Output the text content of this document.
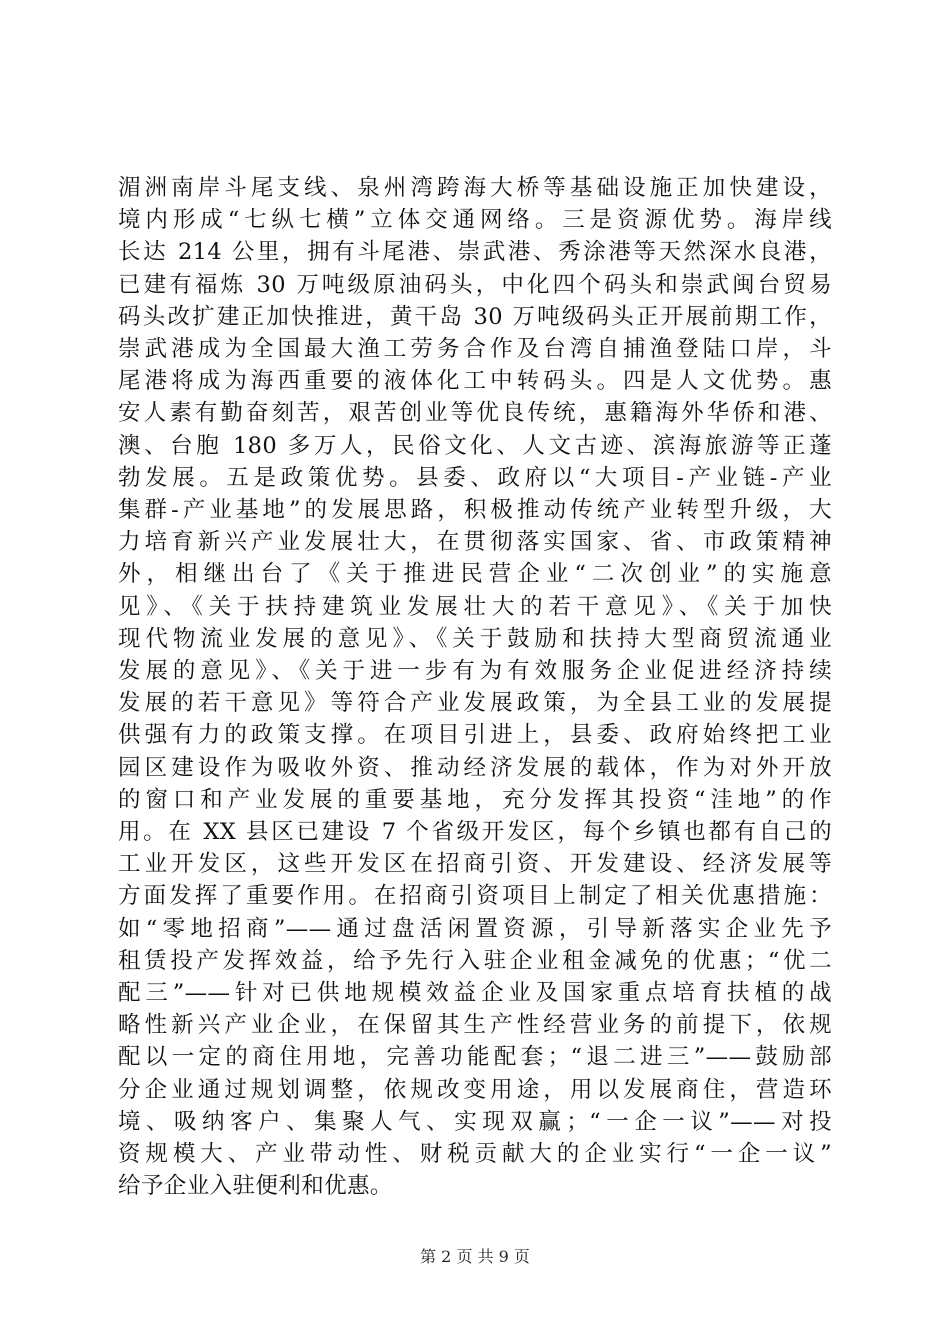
湄洲南岸斗尾支线、泉州湾跨海大桥等基础设施正加快建设，
境内形成“七纵七横”立体交通网络。三是资源优势。海岸线
长达 214 公里，拥有斗尾港、崇武港、秀涂港等天然深水良港，
已建有福炼 30 万吨级原油码头，中化四个码头和崇武闽台贸易
码头改扩建正加快推进，黄干岛 30 万吨级码头正开展前期工作，
崇武港成为全国最大渔工劳务合作及台湾自捕渔登陆口岸，斗
尾港将成为海西重要的液体化工中转码头。四是人文优势。惠
安人素有勤奋刻苦，艰苦创业等优良传统，惠籍海外华侨和港、
澳、台胞 180 多万人，民俗文化、人文古迹、滨海旅游等正蓬
勃发展。五是政策优势。县委、政府以“大项目-产业链-产业
集群-产业基地”的发展思路，积极推动传统产业转型升级，大
力培育新兴产业发展壮大，在贯彻落实国家、省、市政策精神
外，相继出台了《关于推进民营企业“二次创业”的实施意
见》、《关于扶持建筑业发展壮大的若干意见》、《关于加快
现代物流业发展的意见》、《关于鼓励和扶持大型商贸流通业
发展的意见》、《关于进一步有为有效服务企业促进经济持续
发展的若干意见》等符合产业发展政策，为全县工业的发展提
供强有力的政策支撑。在项目引进上，县委、政府始终把工业
园区建设作为吸收外资、推动经济发展的载体，作为对外开放
的窗口和产业发展的重要基地，充分发挥其投资“洼地”的作
用。在 XX 县区已建设 7 个省级开发区，每个乡镇也都有自己的
工业开发区，这些开发区在招商引资、开发建设、经济发展等
方面发挥了重要作用。在招商引资项目上制定了相关优惠措施：
如“零地招商”——通过盘活闲置资源，引导新落实企业先予
租赁投产发挥效益，给予先行入驻企业租金减免的优惠；“优二
配三”——针对已供地规模效益企业及国家重点培育扶植的战
略性新兴产业企业，在保留其生产性经营业务的前提下，依规
配以一定的商住用地，完善功能配套；“退二进三”——鼓励部
分企业通过规划调整，依规改变用途，用以发展商住，营造环
境、吸纳客户、集聚人气、实现双赢；“一企一议”——对投
资规模大、产业带动性、财税贡献大的企业实行“一企一议”
给予企业入驻便利和优惠。
第 2 页 共 9 页
